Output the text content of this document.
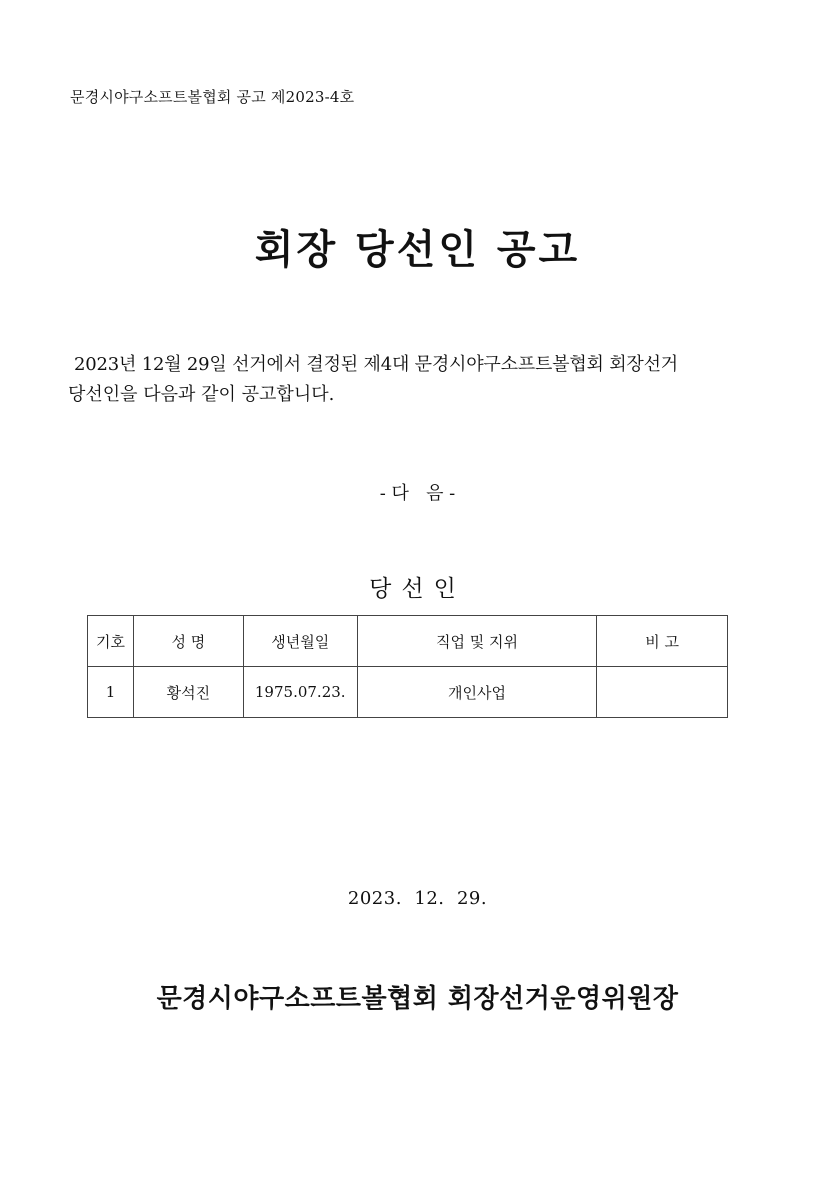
문경시야구소프트볼협회 공고 제2023-4호
회장 당선인 공고
2023년 12월 29일 선거에서 결정된 제4대 문경시야구소프트볼협회 회장선거
당선인을 다음과 같이 공고합니다.
- 다   음 -
당선인
기호	성 명	생년월일	직업 및 지위	비 고
1	황석진	1975.07.23.	개인사업	
2023.  12.  29.
문경시야구소프트볼협회 회장선거운영위원장
